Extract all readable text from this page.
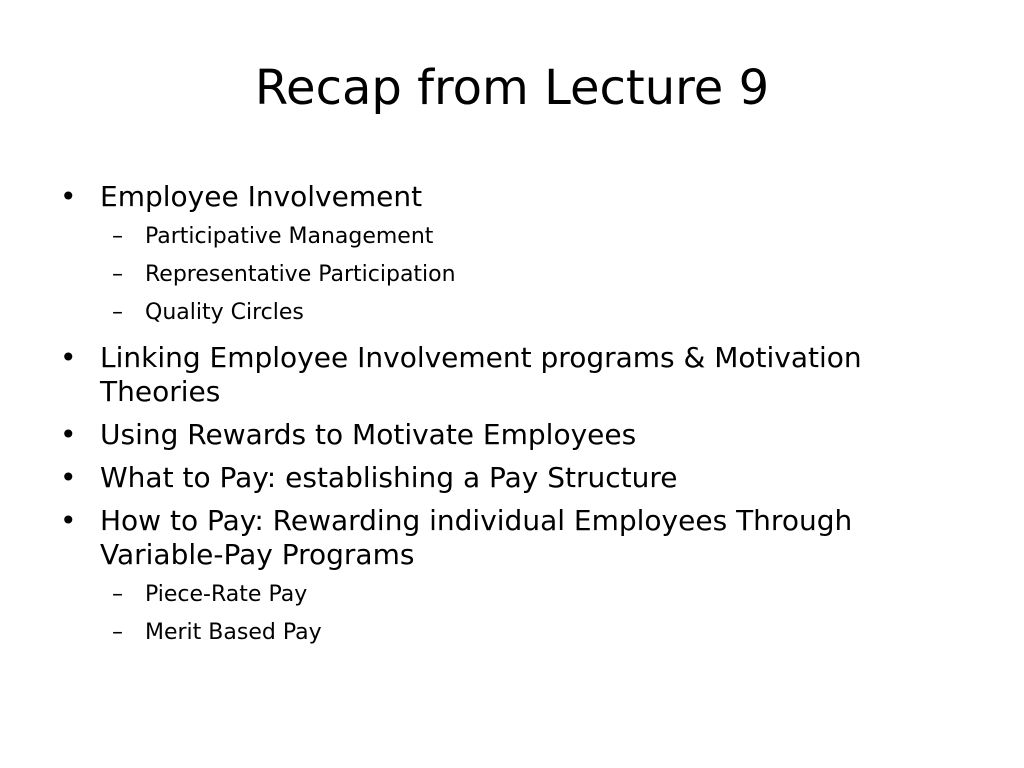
Recap from Lecture 9
• Employee Involvement
– Participative Management
– Representative Participation
– Quality Circles
• Linking Employee Involvement programs & Motivation Theories
• Using Rewards to Motivate Employees
• What to Pay: establishing a Pay Structure
• How to Pay: Rewarding individual Employees Through Variable-Pay Programs
– Piece-Rate Pay
– Merit Based Pay
